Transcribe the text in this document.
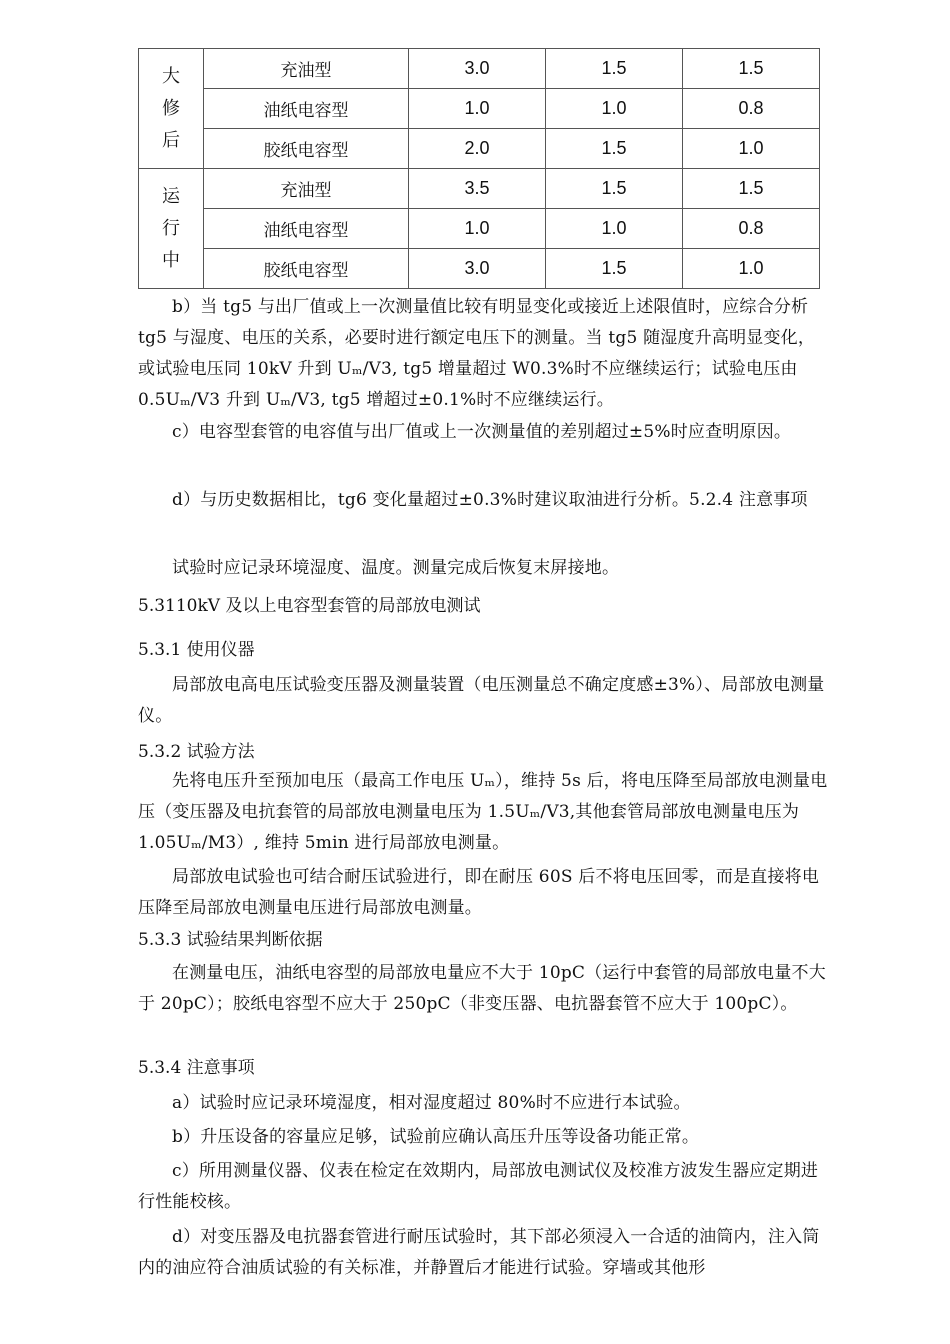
大
修
后	充油型	3.0	1.5	1.5
	油纸电容型	1.0	1.0	0.8
	胶纸电容型	2.0	1.5	1.0

运
行
中	充油型	3.5	1.5	1.5
	油纸电容型	1.0	1.0	0.8
	胶纸电容型	3.0	1.5	1.0

b）当 tg5 与出厂值或上一次测量值比较有明显变化或接近上述限值时，应综合分析 tg5 与湿度、电压的关系，必要时进行额定电压下的测量。当 tg5 随湿度升高明显变化，或试验电压同 10kV 升到 Uₘ/V3, tg5 增量超过 W0.3%时不应继续运行；试验电压由 0.5Uₘ/V3 升到 Uₘ/V3, tg5 增超过±0.1%时不应继续运行。

c）电容型套管的电容值与出厂值或上一次测量值的差别超过±5%时应查明原因。

d）与历史数据相比，tg6 变化量超过±0.3%时建议取油进行分析。5.2.4 注意事项

试验时应记录环境湿度、温度。测量完成后恢复末屏接地。

5.3110kV 及以上电容型套管的局部放电测试

5.3.1 使用仪器

局部放电高电压试验变压器及测量装置（电压测量总不确定度感±3%）、局部放电测量仪。

5.3.2 试验方法

先将电压升至预加电压（最高工作电压 Uₘ），维持 5s 后，将电压降至局部放电测量电压（变压器及电抗套管的局部放电测量电压为 1.5Uₘ/V3,其他套管局部放电测量电压为 1.05Uₘ/M3）, 维持 5min 进行局部放电测量。

局部放电试验也可结合耐压试验进行，即在耐压 60S 后不将电压回零，而是直接将电压降至局部放电测量电压进行局部放电测量。

5.3.3 试验结果判断依据

在测量电压，油纸电容型的局部放电量应不大于 10pC（运行中套管的局部放电量不大于 20pC）；胶纸电容型不应大于 250pC（非变压器、电抗器套管不应大于 100pC）。

5.3.4 注意事项

a）试验时应记录环境湿度，相对湿度超过 80%时不应进行本试验。

b）升压设备的容量应足够，试验前应确认高压升压等设备功能正常。

c）所用测量仪器、仪表在检定在效期内，局部放电测试仪及校准方波发生器应定期进行性能校核。

d）对变压器及电抗器套管进行耐压试验时，其下部必须浸入一合适的油筒内，注入筒内的油应符合油质试验的有关标准，并静置后才能进行试验。穿墙或其他形
